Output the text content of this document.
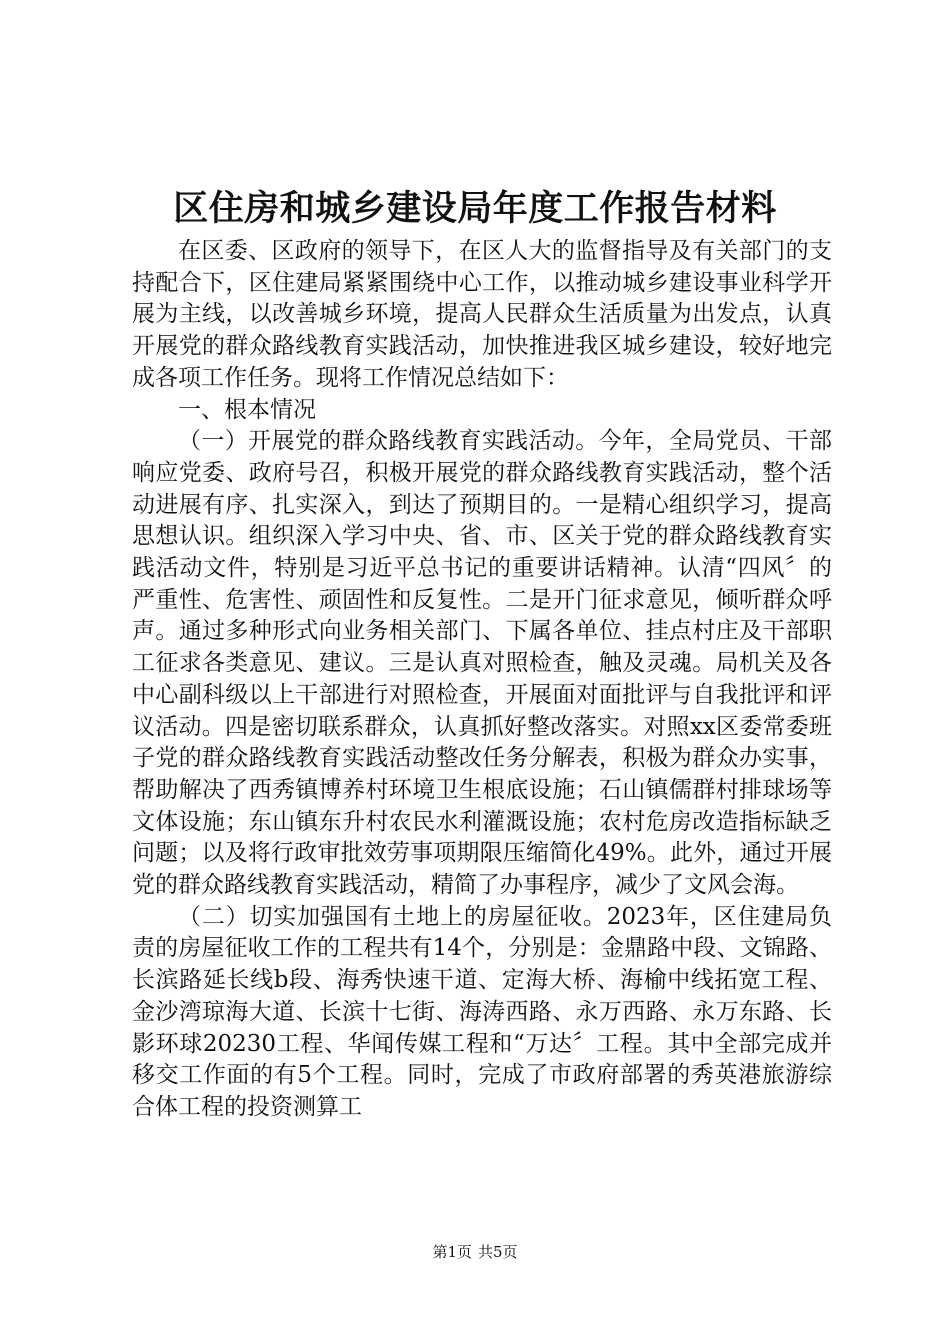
区住房和城乡建设局年度工作报告材料

在区委、区政府的领导下，在区人大的监督指导及有关部门的支持配合下，区住建局紧紧围绕中心工作，以推动城乡建设事业科学开展为主线，以改善城乡环境，提高人民群众生活质量为出发点，认真开展党的群众路线教育实践活动，加快推进我区城乡建设，较好地完成各项工作任务。现将工作情况总结如下：

一、根本情况

（一）开展党的群众路线教育实践活动。今年，全局党员、干部响应党委、政府号召，积极开展党的群众路线教育实践活动，整个活动进展有序、扎实深入，到达了预期目的。一是精心组织学习，提高思想认识。组织深入学习中央、省、市、区关于党的群众路线教育实践活动文件，特别是习近平总书记的重要讲话精神。认清“四风〞的严重性、危害性、顽固性和反复性。二是开门征求意见，倾听群众呼声。通过多种形式向业务相关部门、下属各单位、挂点村庄及干部职工征求各类意见、建议。三是认真对照检查，触及灵魂。局机关及各中心副科级以上干部进行对照检查，开展面对面批评与自我批评和评议活动。四是密切联系群众，认真抓好整改落实。对照xx区委常委班子党的群众路线教育实践活动整改任务分解表，积极为群众办实事，帮助解决了西秀镇博养村环境卫生根底设施；石山镇儒群村排球场等文体设施；东山镇东升村农民水利灌溉设施；农村危房改造指标缺乏问题；以及将行政审批效劳事项期限压缩简化49%。此外，通过开展党的群众路线教育实践活动，精简了办事程序，减少了文风会海。

（二）切实加强国有土地上的房屋征收。2023年，区住建局负责的房屋征收工作的工程共有14个，分别是：金鼎路中段、文锦路、长滨路延长线b段、海秀快速干道、定海大桥、海榆中线拓宽工程、金沙湾琼海大道、长滨十七街、海涛西路、永万西路、永万东路、长影环球20230工程、华闻传媒工程和“万达〞工程。其中全部完成并移交工作面的有5个工程。同时，完成了市政府部署的秀英港旅游综合体工程的投资测算工

第1页 共5页
